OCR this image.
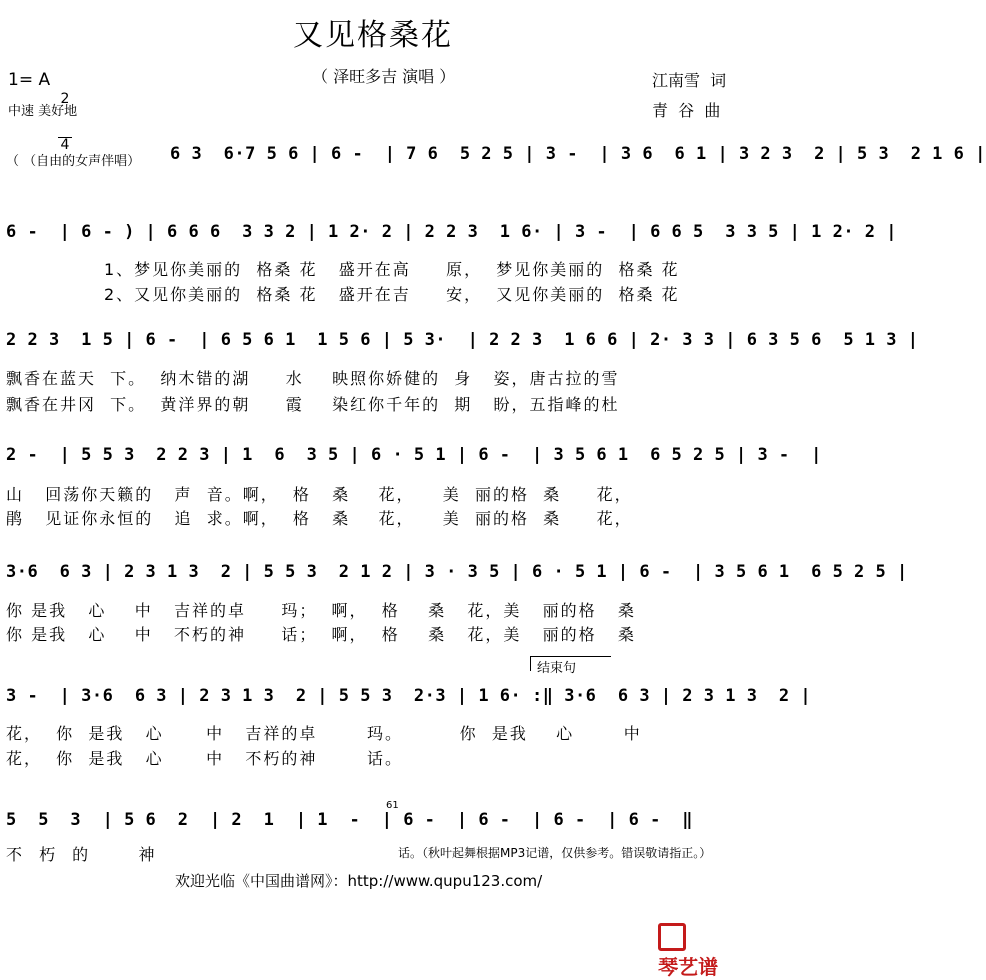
又见格桑花
（ 泽旺多吉 演唱 ）
1= A

2

4

中速 美好地
江南雪  词
青  谷  曲
（ （自由的女声伴唱） 6 3  6·7 5 6 | 6 -  | 7 6  5 2 5 | 3 -  | 3 6  6 1 | 3 2 3  2 | 5 3  2 1 6 |
6 -  | 6 - ) | 6 6 6  3 3 2 | 1 2· 2 | 2 2 3  1 6· | 3 -  | 6 6 5  3 3 5 | 1 2· 2 |
1、梦见你美丽的  格桑 花   盛开在高     原，  梦见你美丽的  格桑 花
2、又见你美丽的  格桑 花   盛开在吉     安，  又见你美丽的  格桑 花
2 2 3  1 5 | 6 -  | 6 5 6 1  1 5 6 | 5 3·  | 2 2 3  1 6 6 | 2· 3 3 | 6 3 5 6  5 1 3 |
飘香在蓝天  下。  纳木错的湖     水    映照你娇健的  身   姿，唐古拉的雪
飘香在井冈  下。  黄洋界的朝     霞    染红你千年的  期   盼，五指峰的杜
2 -  | 5 5 3  2 2 3 | 1  6  3 5 | 6 · 5 1 | 6 -  | 3 5 6 1  6 5 2 5 | 3 -  |
山   回荡你天籁的   声  音。啊，  格   桑    花，    美  丽的格  桑     花，
鹃   见证你永恒的   追  求。啊，  格   桑    花，    美  丽的格  桑     花，
3·6  6 3 | 2 3 1 3  2 | 5 5 3  2 1 2 | 3 · 3 5 | 6 · 5 1 | 6 -  | 3 5 6 1  6 5 2 5 |
你 是我   心    中   吉祥的卓     玛；  啊，  格    桑   花，美   丽的格   桑
你 是我   心    中   不朽的神     话；  啊，  格    桑   花，美   丽的格   桑
结束句
3 -  | 3·6  6 3 | 2 3 1 3  2 | 5 5 3  2·3 | 1 6· :‖ 3·6  6 3 | 2 3 1 3  2 |
花，  你  是我   心      中   吉祥的卓       玛。        你  是我    心       中
花，  你  是我   心      中   不朽的神       话。
61
5  5  3  | 5 6  2  | 2  1  | 1  -  | 6 -  | 6 -  | 6 -  | 6 -  ‖
不 朽 的    神	话。（秋叶起舞根据MP3记谱，仅供参考。错误敬请指正。）
欢迎光临《中国曲谱网》：http://www.qupu123.com/

琴艺谱
